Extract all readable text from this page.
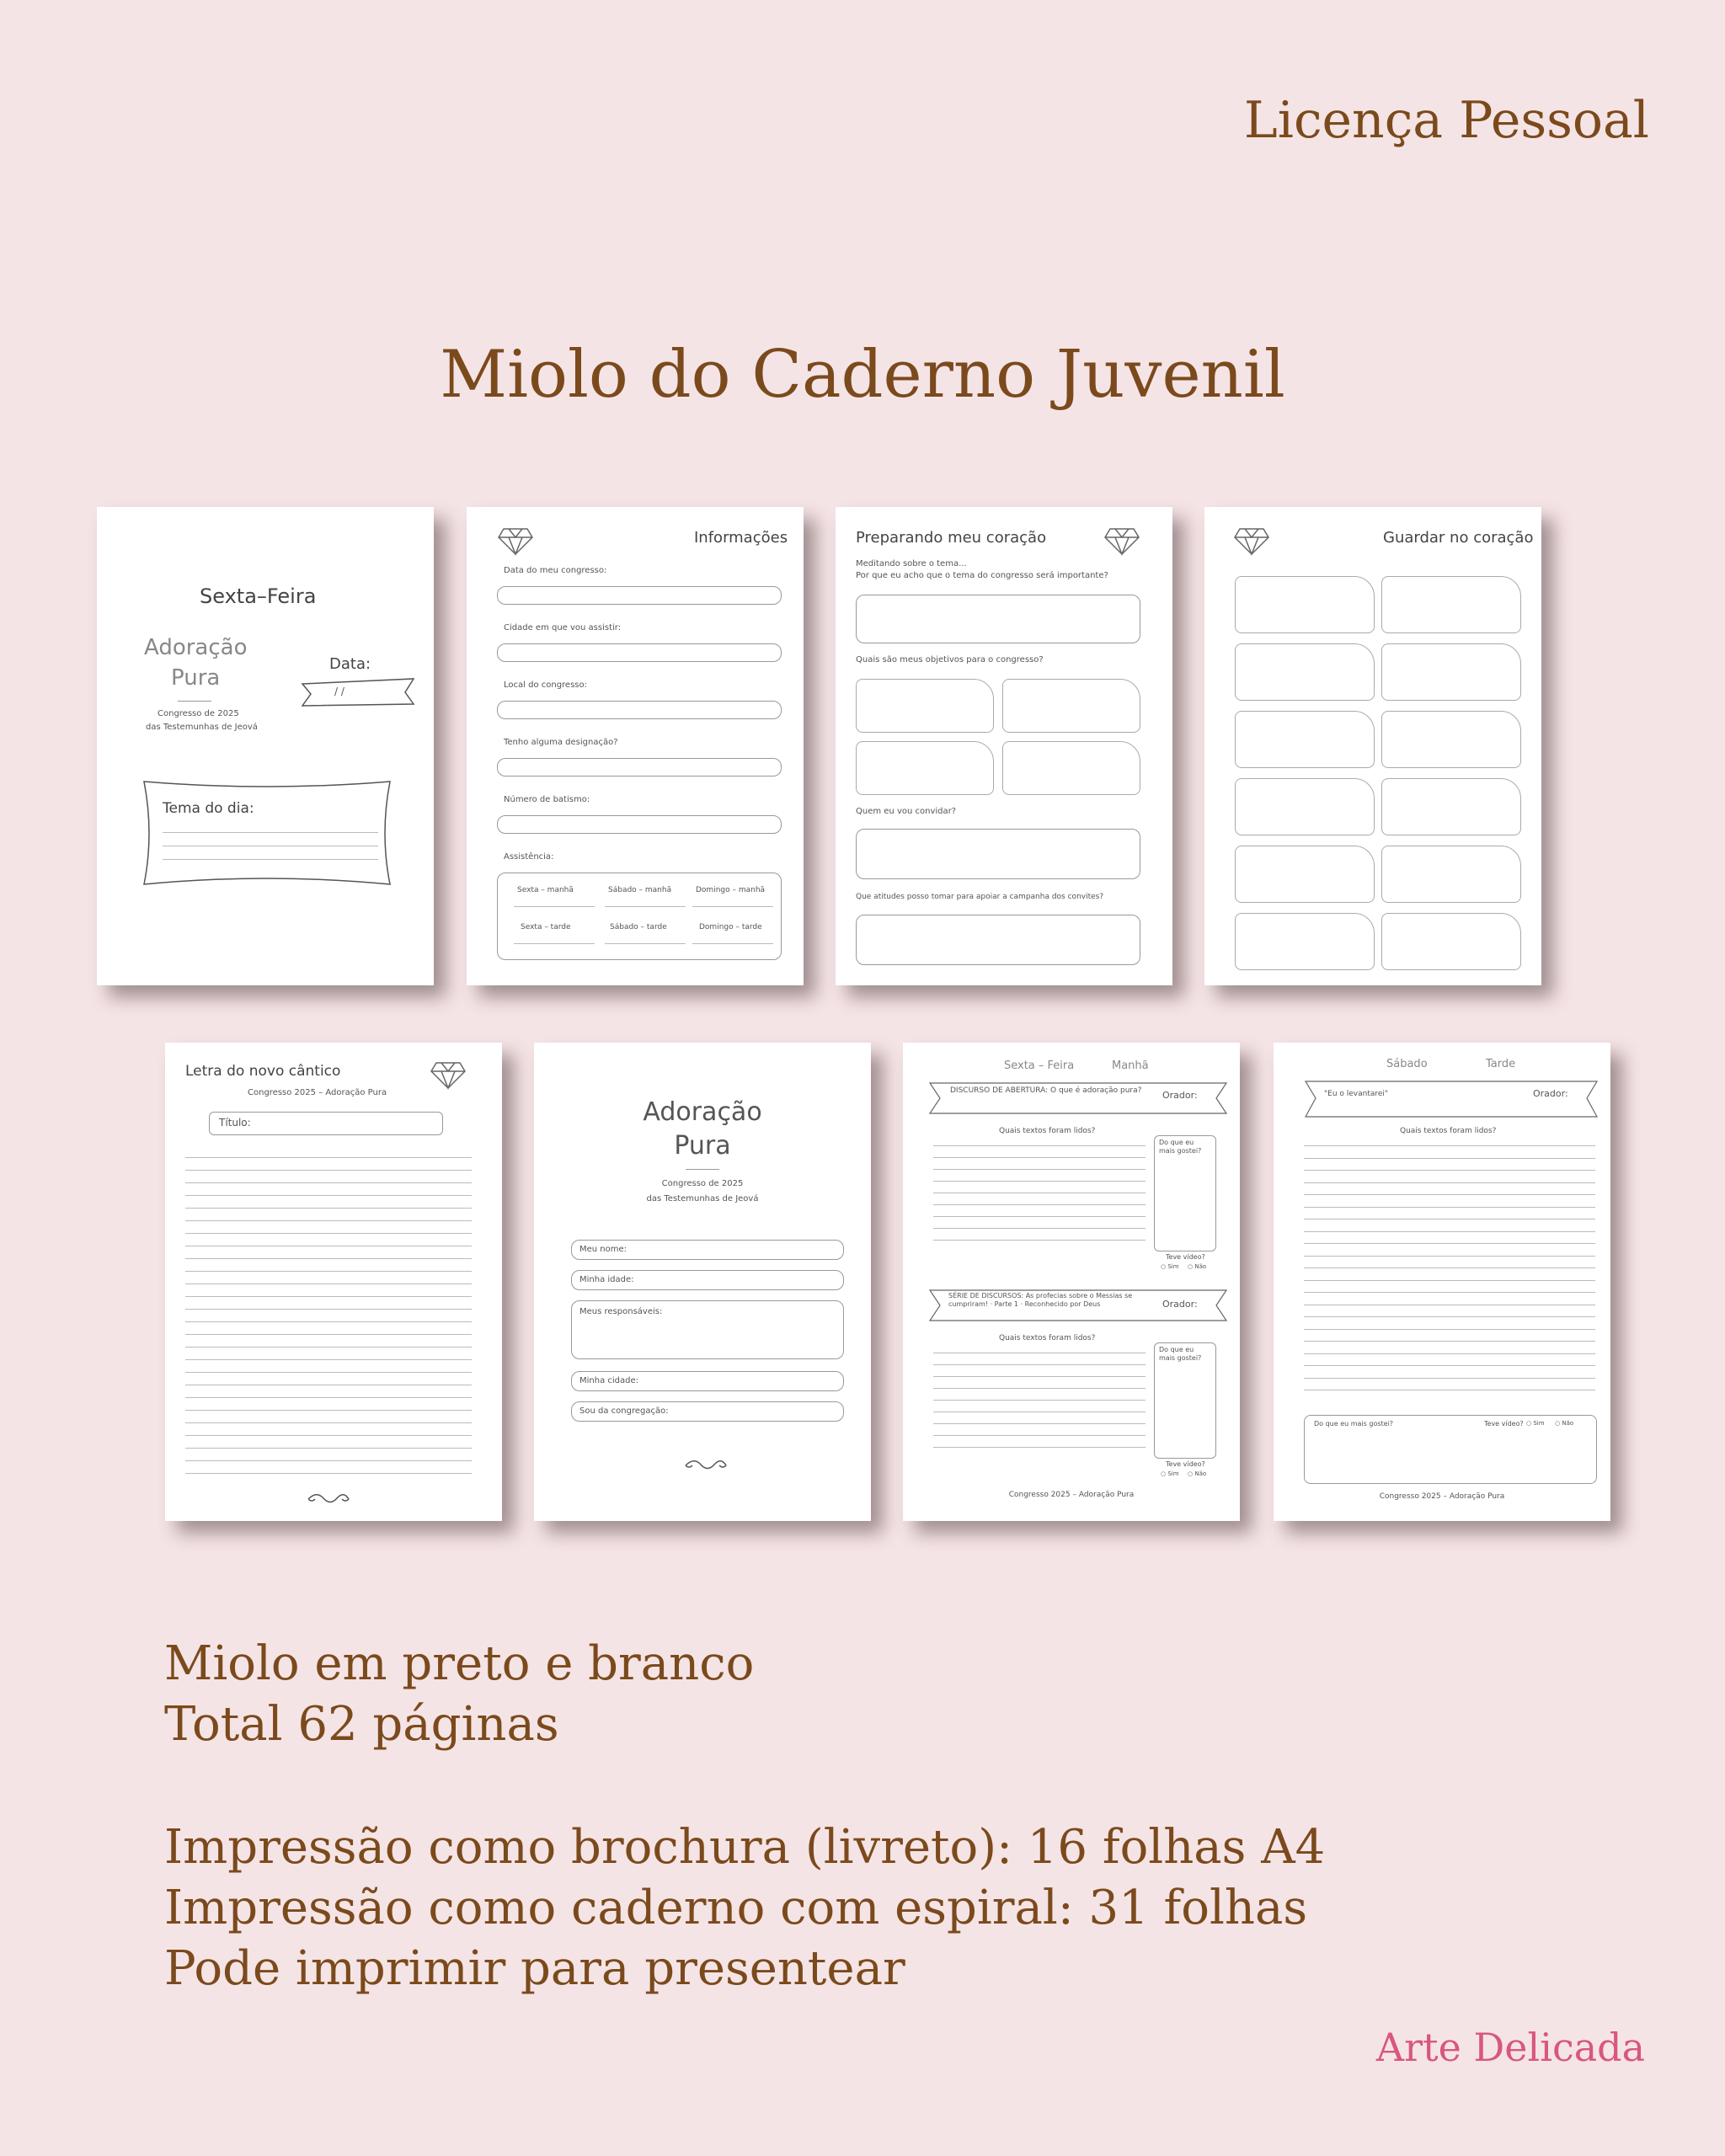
Licença Pessoal
Miolo do Caderno Juvenil
Sexta–Feira
Adoração
Pura
Congresso de 2025
das Testemunhas de Jeová
Data:
/ /
Tema do dia:
Informações
Data do meu congresso:
Cidade em que vou assistir:
Local do congresso:
Tenho alguma designação?
Número de batismo:
Assistência:
Sexta – manhã	Sábado – manhã	Domingo – manhã
Sexta – tarde	Sábado – tarde	Domingo – tarde
Preparando meu coração
Meditando sobre o tema...
Por que eu acho que o tema do congresso será importante?
Quais são meus objetivos para o congresso?
Quem eu vou convidar?
Que atitudes posso tomar para apoiar a campanha dos convites?
Guardar no coração
Letra do novo cântico
Congresso 2025 – Adoração Pura
Título:	Adoração
Pura
Congresso de 2025
das Testemunhas de Jeová
Meu nome:
Minha idade:
Meus responsáveis:
Minha cidade:
Sou da congregação:
Sexta – Feira	Manhã
DISCURSO DE ABERTURA: O que é adoração pura? Orador:
Quais textos foram lidos?
Do que eu mais gostei?
Teve vídeo?
○ Sim ○ Não
SÉRIE DE DISCURSOS: As profecias sobre o Messias se cumpriram! · Parte 1 · Reconhecido por Deus	Orador:
Quais textos foram lidos?
Do que eu mais gostei?
Teve vídeo?
○ Sim ○ Não
Congresso 2025 – Adoração Pura
Sábado	Tarde
"Eu o levantarei"	Orador:
Quais textos foram lidos?
Do que eu mais gostei?	Teve vídeo? ○ Sim ○ Não
Congresso 2025 – Adoração Pura
Miolo em preto e branco
Total 62 páginas
Impressão como brochura (livreto): 16 folhas A4
Impressão como caderno com espiral: 31 folhas
Pode imprimir para presentear
Arte Delicada
